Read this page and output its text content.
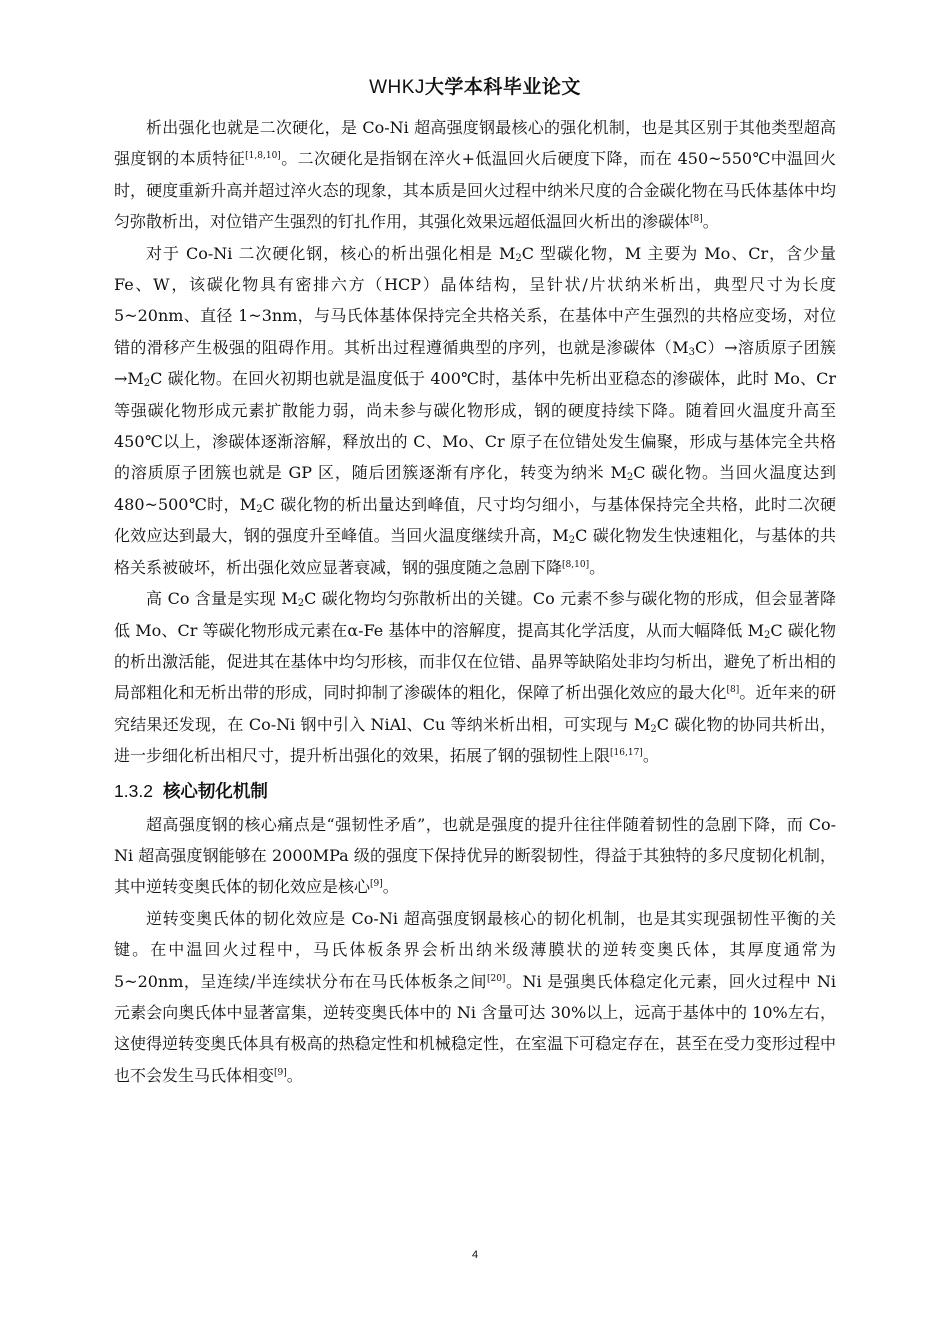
WHKJ大学本科毕业论文

析出强化也就是二次硬化，是 Co-Ni 超高强度钢最核心的强化机制，也是其区别于其他类型超高强度钢的本质特征[1,8,10]。二次硬化是指钢在淬火+低温回火后硬度下降，而在 450~550℃中温回火时，硬度重新升高并超过淬火态的现象，其本质是回火过程中纳米尺度的合金碳化物在马氏体基体中均匀弥散析出，对位错产生强烈的钉扎作用，其强化效果远超低温回火析出的渗碳体[8]。

对于 Co-Ni 二次硬化钢，核心的析出强化相是 $M_2C$ 型碳化物，M 主要为 Mo、Cr，含少量 Fe、W，该碳化物具有密排六方（HCP）晶体结构，呈针状/片状纳米析出，典型尺寸为长度 5~20nm、直径 1~3nm，与马氏体基体保持完全共格关系，在基体中产生强烈的共格应变场，对位错的滑移产生极强的阻碍作用。其析出过程遵循典型的序列，也就是渗碳体$(M_3C)\to$溶质原子团簇$\to M_2C$ 碳化物。在回火初期也就是温度低于 400℃时，基体中先析出亚稳态的渗碳体，此时 Mo、Cr 等强碳化物形成元素扩散能力弱，尚未参与碳化物形成，钢的硬度持续下降。随着回火温度升高至 450℃以上，渗碳体逐渐溶解，释放出的 C、Mo、Cr 原子在位错处发生偏聚，形成与基体完全共格的溶质原子团簇也就是 GP 区，随后团簇逐渐有序化，转变为纳米 $M_2C$ 碳化物。当回火温度达到 480~500℃时，$M_2C$ 碳化物的析出量达到峰值，尺寸均匀细小，与基体保持完全共格，此时二次硬化效应达到最大，钢的强度升至峰值。当回火温度继续升高，$M_2C$ 碳化物发生快速粗化，与基体的共格关系被破坏，析出强化效应显著衰减，钢的强度随之急剧下降[8,10]。

高 Co 含量是实现 $M_2C$ 碳化物均匀弥散析出的关键。Co 元素不参与碳化物的形成，但会显著降低 Mo、Cr 等碳化物形成元素在α-Fe 基体中的溶解度，提高其化学活度，从而大幅降低 $M_2C$ 碳化物的析出激活能，促进其在基体中均匀形核，而非仅在位错、晶界等缺陷处非均匀析出，避免了析出相的局部粗化和无析出带的形成，同时抑制了渗碳体的粗化，保障了析出强化效应的最大化[8]。近年来的研究结果还发现，在 Co-Ni 钢中引入 NiAl、Cu 等纳米析出相，可实现与 $M_2C$ 碳化物的协同共析出，进一步细化析出相尺寸，提升析出强化的效果，拓展了钢的强韧性上限[16,17]。

1.3.2 核心韧化机制

超高强度钢的核心痛点是“强韧性矛盾”，也就是强度的提升往往伴随着韧性的急剧下降，而 Co-Ni 超高强度钢能够在 2000MPa 级的强度下保持优异的断裂韧性，得益于其独特的多尺度韧化机制，其中逆转变奥氏体的韧化效应是核心[9]。

逆转变奥氏体的韧化效应是 Co-Ni 超高强度钢最核心的韧化机制，也是其实现强韧性平衡的关键。在中温回火过程中，马氏体板条界会析出纳米级薄膜状的逆转变奥氏体，其厚度通常为 5~20nm，呈连续/半连续状分布在马氏体板条之间[20]。Ni 是强奥氏体稳定化元素，回火过程中 Ni 元素会向奥氏体中显著富集，逆转变奥氏体中的 Ni 含量可达 30%以上，远高于基体中的 10%左右，这使得逆转变奥氏体具有极高的热稳定性和机械稳定性，在室温下可稳定存在，甚至在受力变形过程中也不会发生马氏体相变[9]。

4
